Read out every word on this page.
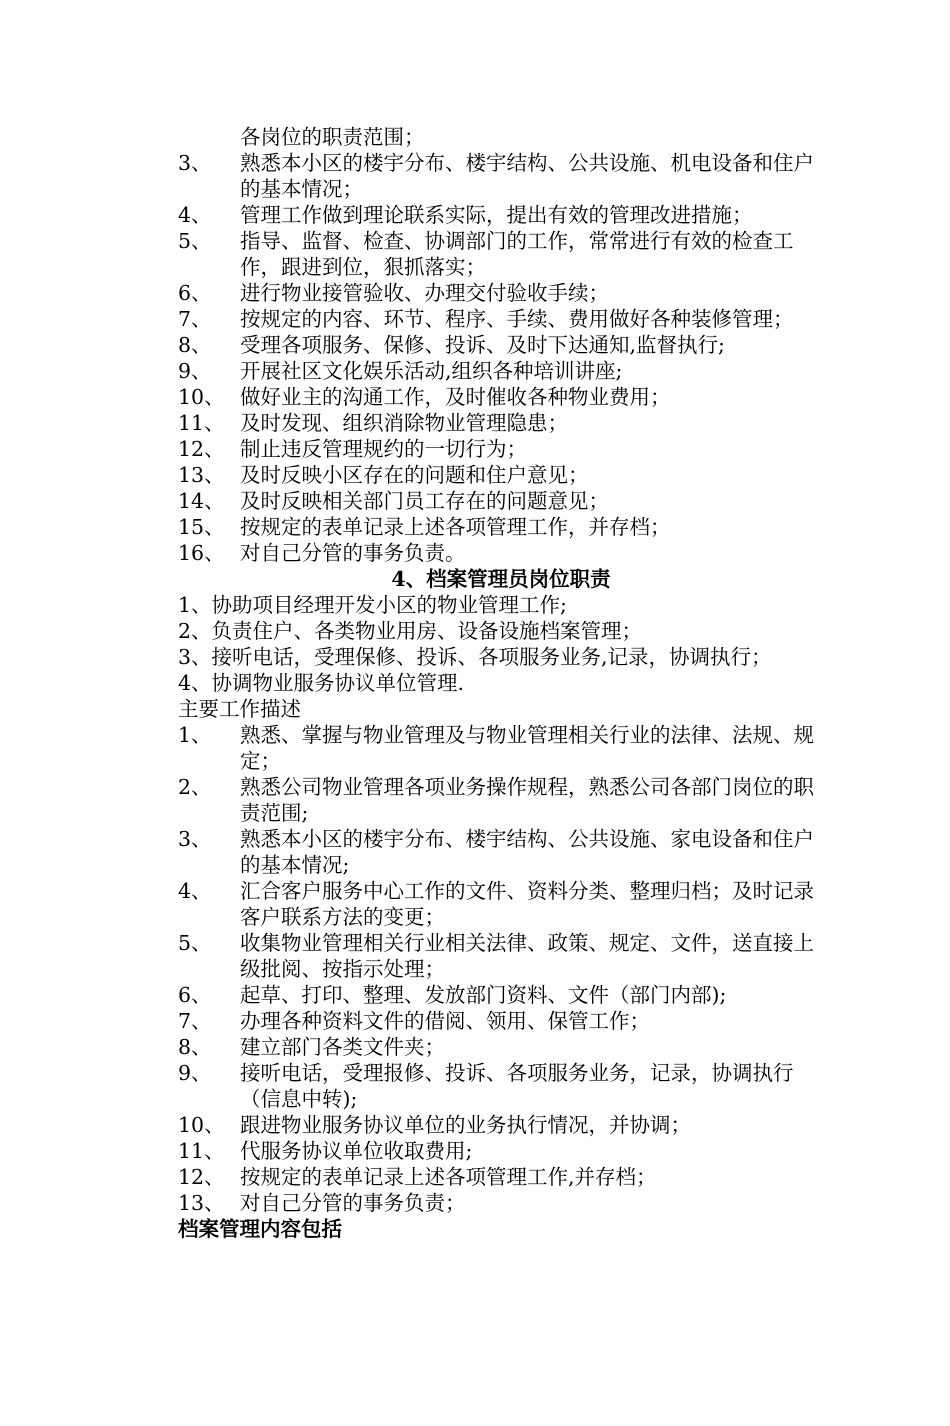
各岗位的职责范围；
3、	熟悉本小区的楼宇分布、楼宇结构、公共设施、机电设备和住户的基本情况；
4、	管理工作做到理论联系实际，提出有效的管理改进措施；
5、	指导、监督、检查、协调部门的工作，常常进行有效的检查工作，跟进到位，狠抓落实；
6、	进行物业接管验收、办理交付验收手续；
7、	按规定的内容、环节、程序、手续、费用做好各种装修管理；
8、	受理各项服务、保修、投诉、及时下达通知,监督执行;
9、	开展社区文化娱乐活动,组织各种培训讲座;
10、 做好业主的沟通工作，及时催收各种物业费用；
11、 及时发现、组织消除物业管理隐患；
12、 制止违反管理规约的一切行为；
13、 及时反映小区存在的问题和住户意见；
14、 及时反映相关部门员工存在的问题意见；
15、 按规定的表单记录上述各项管理工作，并存档；
16、 对自己分管的事务负责。
4、档案管理员岗位职责
1、协助项目经理开发小区的物业管理工作;
2、负责住户、各类物业用房、设备设施档案管理；
3、接听电话，受理保修、投诉、各项服务业务,记录，协调执行；
4、协调物业服务协议单位管理.
主要工作描述
1、	熟悉、掌握与物业管理及与物业管理相关行业的法律、法规、规定；
2、	熟悉公司物业管理各项业务操作规程，熟悉公司各部门岗位的职责范围;
3、	熟悉本小区的楼宇分布、楼宇结构、公共设施、家电设备和住户的基本情况;
4、	汇合客户服务中心工作的文件、资料分类、整理归档；及时记录客户联系方法的变更；
5、	收集物业管理相关行业相关法律、政策、规定、文件，送直接上级批阅、按指示处理；
6、	起草、打印、整理、发放部门资料、文件（部门内部);
7、	办理各种资料文件的借阅、领用、保管工作；
8、	建立部门各类文件夹；
9、	接听电话，受理报修、投诉、各项服务业务，记录，协调执行（信息中转);
10、 跟进物业服务协议单位的业务执行情况，并协调；
11、 代服务协议单位收取费用;
12、 按规定的表单记录上述各项管理工作,并存档；
13、 对自己分管的事务负责；
档案管理内容包括
